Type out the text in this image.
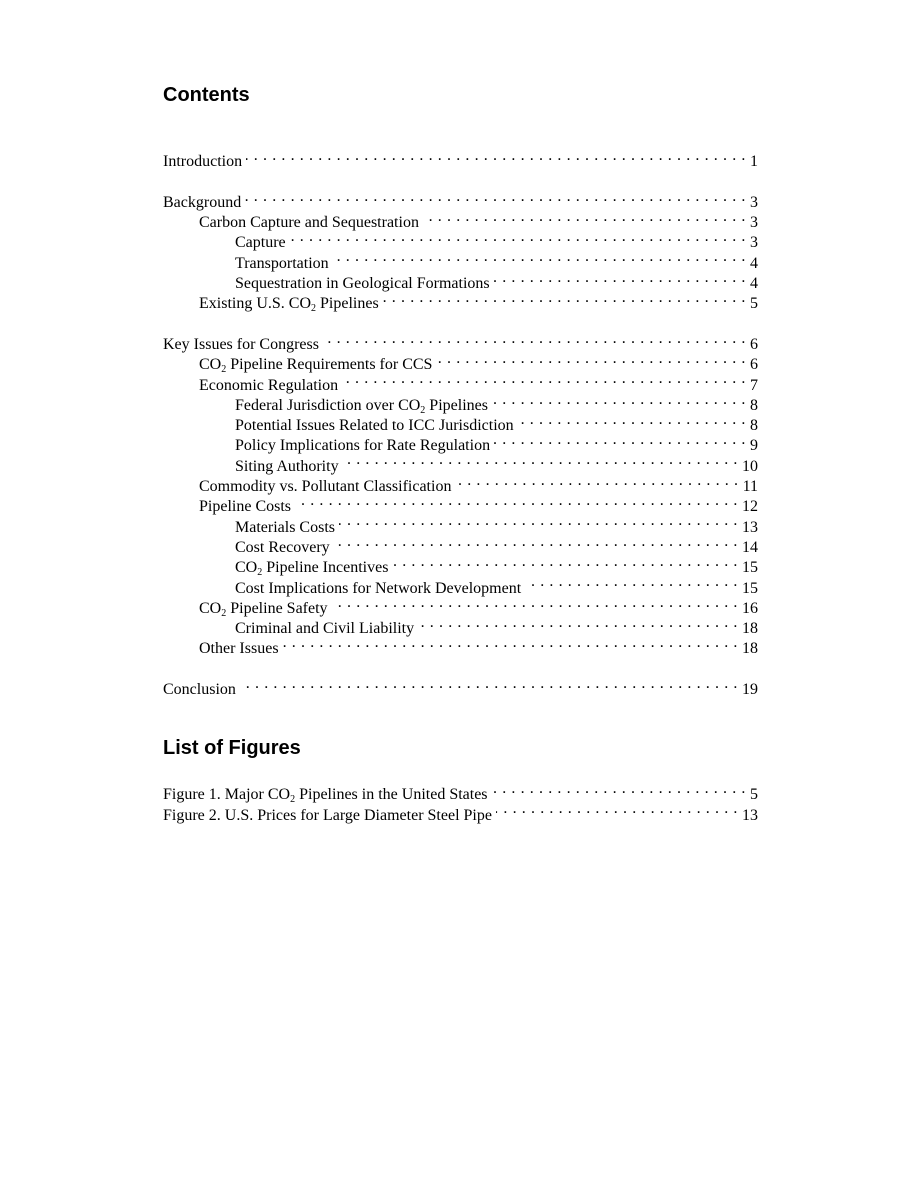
Contents
Introduction . . .	1
Background . . .	3
Carbon Capture and Sequestration . . .	3
Capture . . .	3
Transportation . . .	4
Sequestration in Geological Formations . . .	4
Existing U.S. $CO_2$ Pipelines . . .	5
Key Issues for Congress . . .	6
$CO_2$ Pipeline Requirements for CCS . . .	6
Economic Regulation . . .	7
Federal Jurisdiction over $CO_2$ Pipelines . . .	8
Potential Issues Related to ICC Jurisdiction . . .	8
Policy Implications for Rate Regulation . . .	9
Siting Authority . . .	10
Commodity vs. Pollutant Classification . . .	11
Pipeline Costs . . .	12
Materials Costs . . .	13
Cost Recovery . . .	14
$CO_2$ Pipeline Incentives . . .	15
Cost Implications for Network Development . . .	15
$CO_2$ Pipeline Safety . . .	16
Criminal and Civil Liability . . .	18
Other Issues . . .	18
Conclusion . . .	19
List of Figures
Figure 1. Major $CO_2$ Pipelines in the United States . . .	5
Figure 2. U.S. Prices for Large Diameter Steel Pipe . . .	13
